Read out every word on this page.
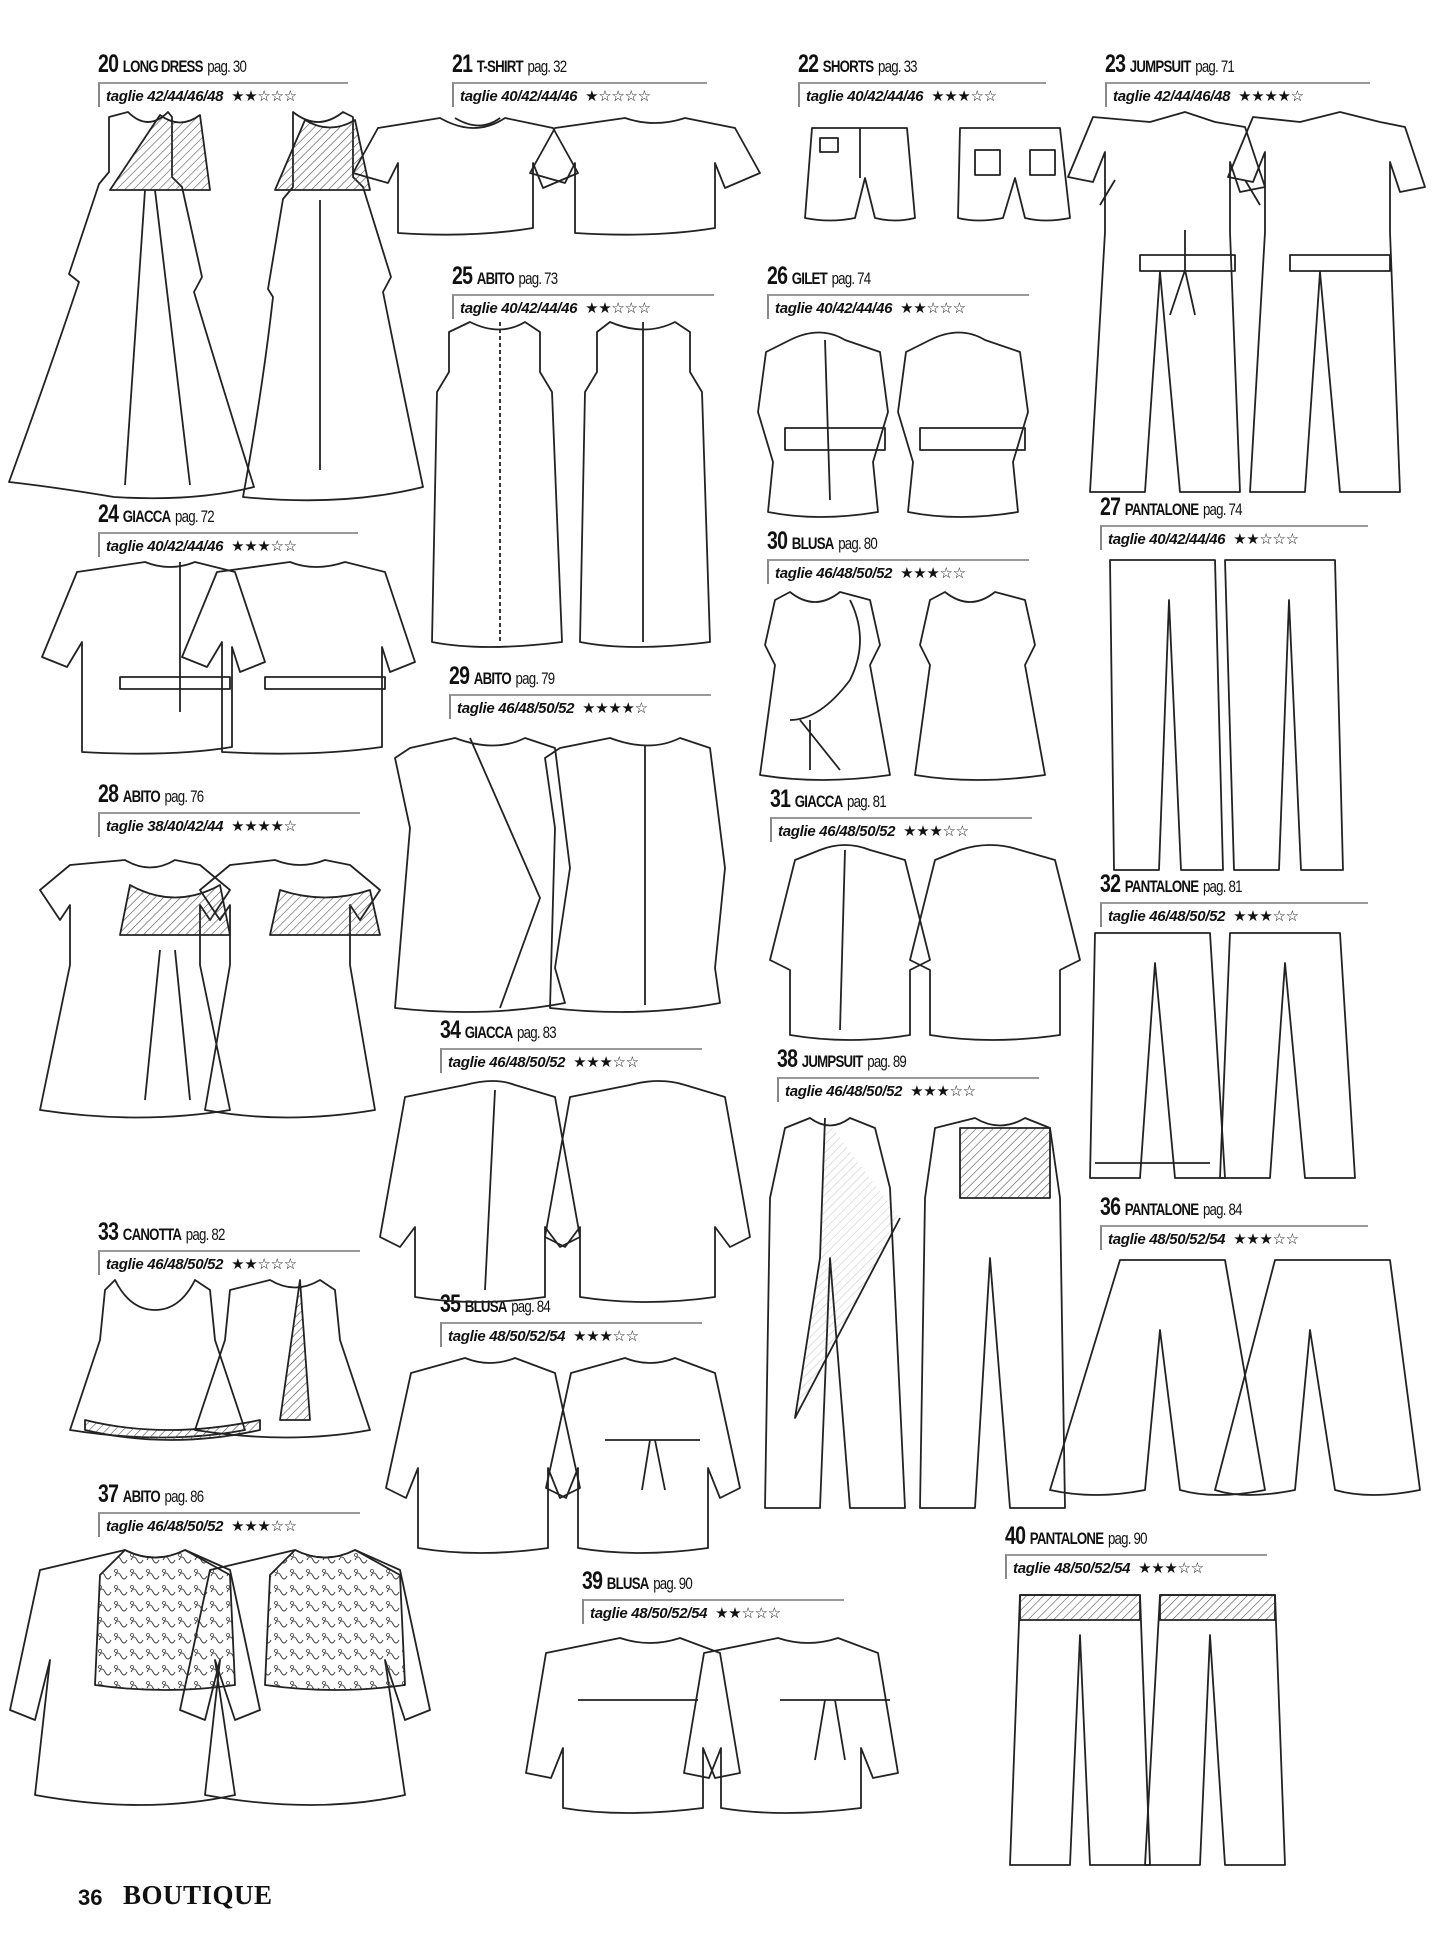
20 LONG DRESS pag. 30
taglie 42/44/46/48 ★★☆☆☆
21 T-SHIRT pag. 32
taglie 40/42/44/46 ★☆☆☆☆
22 SHORTS pag. 33
taglie 40/42/44/46 ★★★☆☆
23 JUMPSUIT pag. 71
taglie 42/44/46/48 ★★★★☆
24 GIACCA pag. 72
taglie 40/42/44/46 ★★★☆☆
25 ABITO pag. 73
taglie 40/42/44/46 ★★☆☆☆
26 GILET pag. 74
taglie 40/42/44/46 ★★☆☆☆
27 PANTALONE pag. 74
taglie 40/42/44/46 ★★☆☆☆
28 ABITO pag. 76
taglie 38/40/42/44 ★★★★☆
29 ABITO pag. 79
taglie 46/48/50/52 ★★★★☆
30 BLUSA pag. 80
taglie 46/48/50/52 ★★★☆☆
31 GIACCA pag. 81
taglie 46/48/50/52 ★★★☆☆
32 PANTALONE pag. 81
taglie 46/48/50/52 ★★★☆☆
33 CANOTTA pag. 82
taglie 46/48/50/52 ★★☆☆☆
34 GIACCA pag. 83
taglie 46/48/50/52 ★★★☆☆
35 BLUSA pag. 84
taglie 48/50/52/54 ★★★☆☆
36 PANTALONE pag. 84
taglie 48/50/52/54 ★★★☆☆
37 ABITO pag. 86
taglie 46/48/50/52 ★★★☆☆
38 JUMPSUIT pag. 89
taglie 46/48/50/52 ★★★☆☆
39 BLUSA pag. 90
taglie 48/50/52/54 ★★☆☆☆
40 PANTALONE pag. 90
taglie 48/50/52/54 ★★★☆☆
36 BOUTIQUE
